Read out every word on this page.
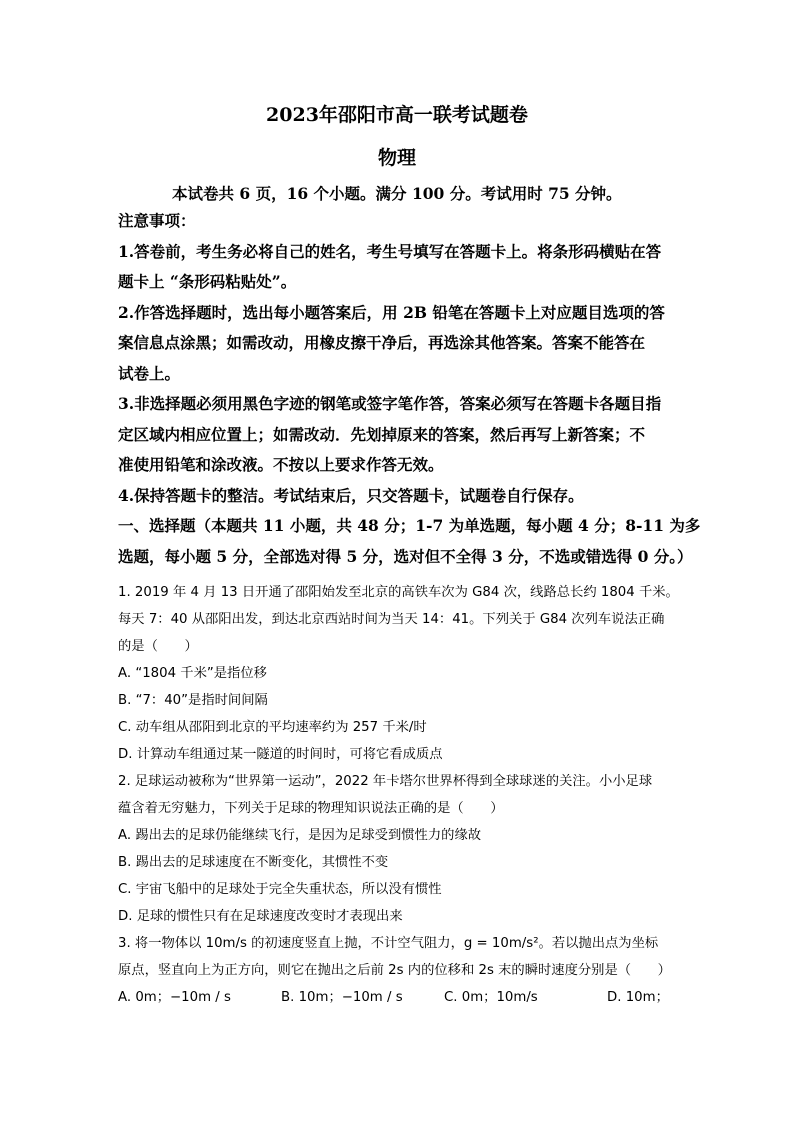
2023年邵阳市高一联考试题卷
物理
本试卷共 6 页，16 个小题。满分 100 分。考试用时 75 分钟。
注意事项：
1.答卷前，考生务必将自己的姓名，考生号填写在答题卡上。将条形码横贴在答
题卡上 “条形码粘贴处”。
2.作答选择题时，选出每小题答案后，用 2B 铅笔在答题卡上对应题目选项的答
案信息点涂黑；如需改动，用橡皮擦干净后，再选涂其他答案。答案不能答在
试卷上。
3.非选择题必须用黑色字迹的钢笔或签字笔作答，答案必须写在答题卡各题目指
定区域内相应位置上；如需改动．先划掉原来的答案，然后再写上新答案；不
准使用铅笔和涂改液。不按以上要求作答无效。
4.保持答题卡的整洁。考试结束后，只交答题卡，试题卷自行保存。
一、选择题（本题共 11 小题，共 48 分；1-7 为单选题，每小题 4 分；8-11 为多
选题，每小题 5 分，全部选对得 5 分，选对但不全得 3 分，不选或错选得 0 分。）
1. 2019 年 4 月 13 日开通了邵阳始发至北京的高铁车次为 G84 次，线路总长约 1804 千米。
每天 7：40 从邵阳出发，到达北京西站时间为当天 14：41。下列关于 G84 次列车说法正确
的是（　　）
A. “1804 千米”是指位移
B. “7：40”是指时间间隔
C. 动车组从邵阳到北京的平均速率约为 257 千米/时
D. 计算动车组通过某一隧道的时间时，可将它看成质点
2. 足球运动被称为“世界第一运动”，2022 年卡塔尔世界杯得到全球球迷的关注。小小足球
蕴含着无穷魅力，下列关于足球的物理知识说法正确的是（　　）
A. 踢出去的足球仍能继续飞行，是因为足球受到惯性力的缘故
B. 踢出去的足球速度在不断变化，其惯性不变
C. 宇宙飞船中的足球处于完全失重状态，所以没有惯性
D. 足球的惯性只有在足球速度改变时才表现出来
3. 将一物体以 10m/s 的初速度竖直上抛，不计空气阻力，g = 10m/s²。若以抛出点为坐标
原点，竖直向上为正方向，则它在抛出之后前 2s 内的位移和 2s 末的瞬时速度分别是（　　）
A. 0m；−10m / s	B. 10m；−10m / s	C. 0m；10m/s	D. 10m；
